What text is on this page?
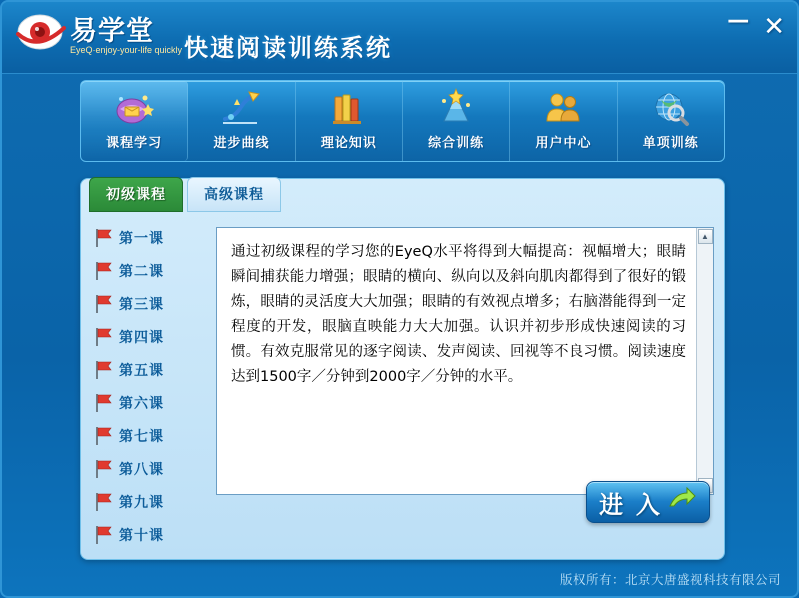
易学堂
EyeQ·enjoy-your-life quickly 快速阅读训练系统
— ✕
课程学习	进步曲线	理论知识	综合训练	用户中心	单项训练
初级课程	高级课程
第一课
第二课
第三课
第四课
第五课
第六课
第七课
第八课
第九课
第十课
通过初级课程的学习您的EyeQ水平将得到大幅提高：视幅增大；眼睛瞬间捕获能力增强；眼睛的横向、纵向以及斜向肌肉都得到了很好的锻炼，眼睛的灵活度大大加强；眼睛的有效视点增多；右脑潜能得到一定程度的开发，眼脑直映能力大大加强。认识并初步形成快速阅读的习惯。有效克服常见的逐字阅读、发声阅读、回视等不良习惯。阅读速度达到1500字／分钟到2000字／分钟的水平。
▲
进 入
版权所有：北京大唐盛视科技有限公司
